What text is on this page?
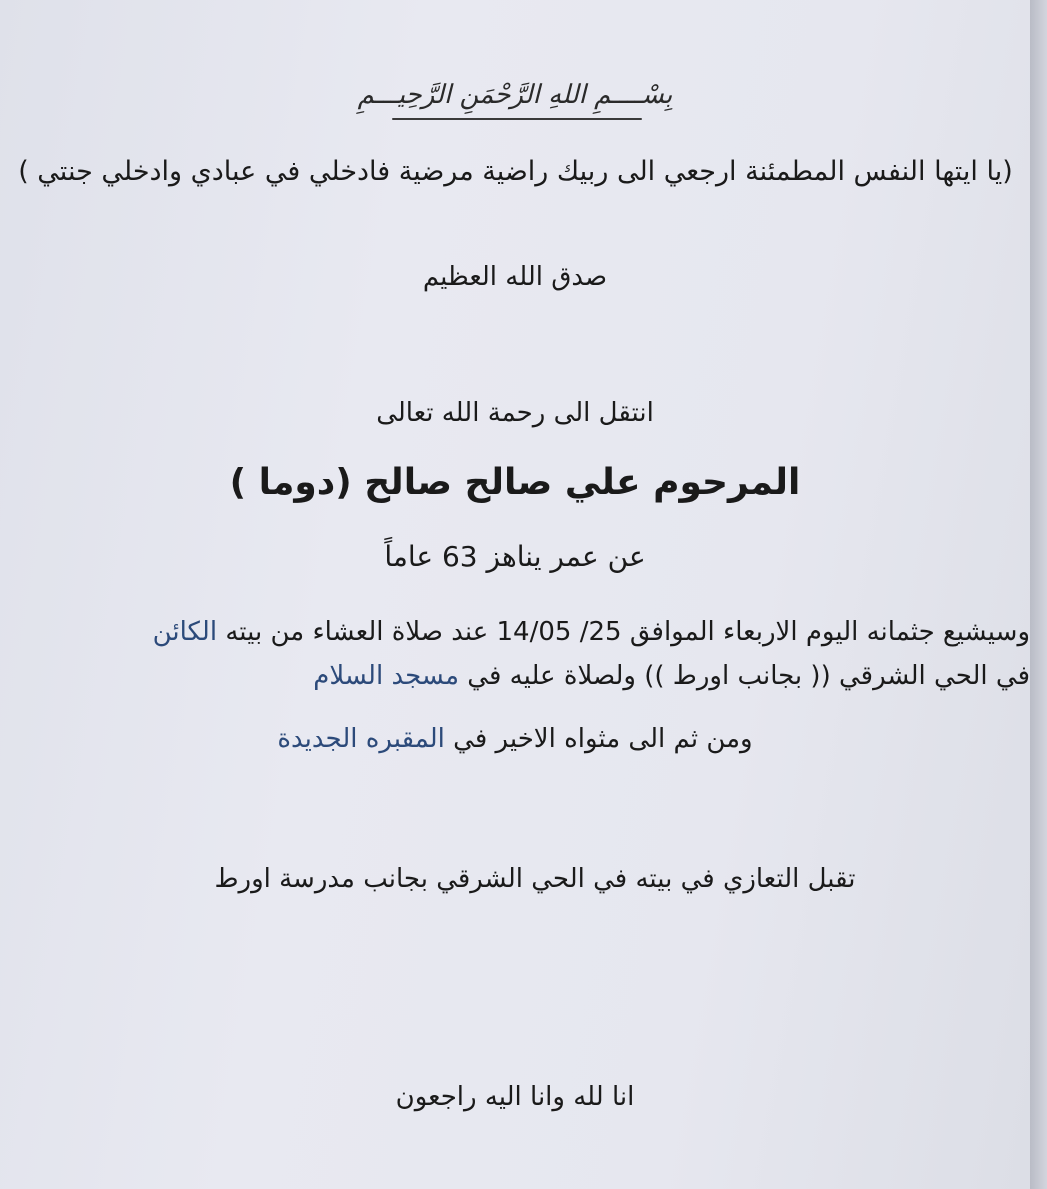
بِسْــــمِ اللهِ الرَّحْمَنِ الرَّحِيـــمِ
(يا ايتها النفس المطمئنة ارجعي الى ربيك راضية مرضية فادخلي في عبادي وادخلي جنتي )
صدق الله العظيم
انتقل الى رحمة الله تعالى
المرحوم علي صالح صالح (دوما )
عن عمر يناهز 63 عاماً
وسيشيع جثمانه اليوم الاربعاء الموافق 25/ 14/05 عند صلاة العشاء من بيته الكائن
في الحي الشرقي (( بجانب اورط )) ولصلاة عليه في مسجد السلام
ومن ثم الى مثواه الاخير في المقبره الجديدة
تقبل التعازي في بيته في الحي الشرقي بجانب مدرسة اورط
انا لله وانا اليه راجعون
